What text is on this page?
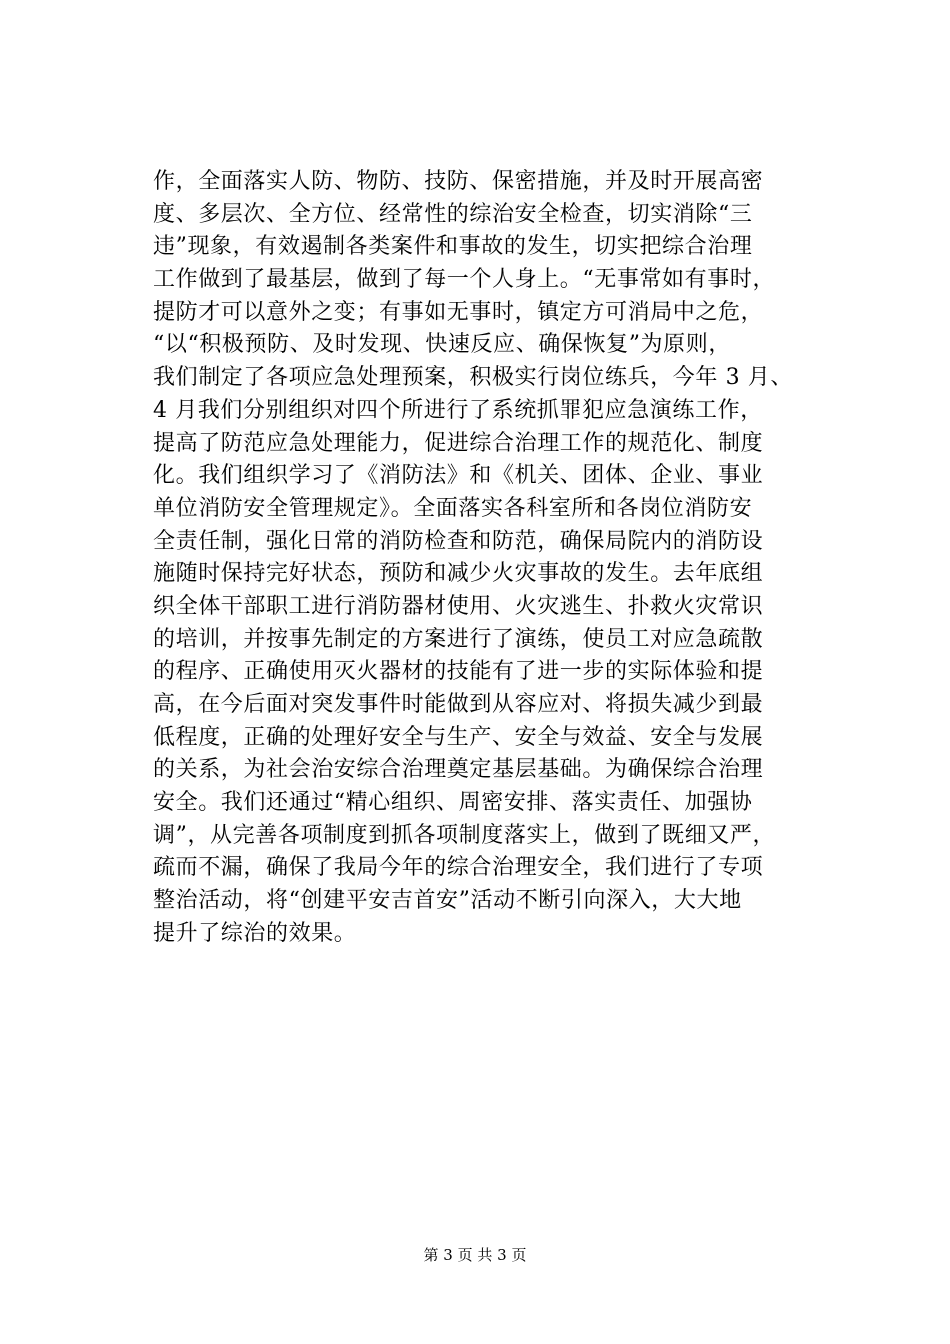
作，全面落实人防、物防、技防、保密措施，并及时开展高密
度、多层次、全方位、经常性的综治安全检查，切实消除“三
违”现象，有效遏制各类案件和事故的发生，切实把综合治理
工作做到了最基层，做到了每一个人身上。“无事常如有事时，
提防才可以意外之变；有事如无事时，镇定方可消局中之危，
“以“积极预防、及时发现、快速反应、确保恢复”为原则，
我们制定了各项应急处理预案，积极实行岗位练兵，今年 3 月、
4 月我们分别组织对四个所进行了系统抓罪犯应急演练工作，
提高了防范应急处理能力，促进综合治理工作的规范化、制度
化。我们组织学习了《消防法》和《机关、团体、企业、事业
单位消防安全管理规定》。全面落实各科室所和各岗位消防安
全责任制，强化日常的消防检查和防范，确保局院内的消防设
施随时保持完好状态，预防和减少火灾事故的发生。去年底组
织全体干部职工进行消防器材使用、火灾逃生、扑救火灾常识
的培训，并按事先制定的方案进行了演练，使员工对应急疏散
的程序、正确使用灭火器材的技能有了进一步的实际体验和提
高，在今后面对突发事件时能做到从容应对、将损失减少到最
低程度，正确的处理好安全与生产、安全与效益、安全与发展
的关系，为社会治安综合治理奠定基层基础。为确保综合治理
安全。我们还通过“精心组织、周密安排、落实责任、加强协
调”，从完善各项制度到抓各项制度落实上，做到了既细又严，
疏而不漏，确保了我局今年的综合治理安全，我们进行了专项
整治活动，将“创建平安吉首安”活动不断引向深入，大大地
提升了综治的效果。
第 3 页 共 3 页
